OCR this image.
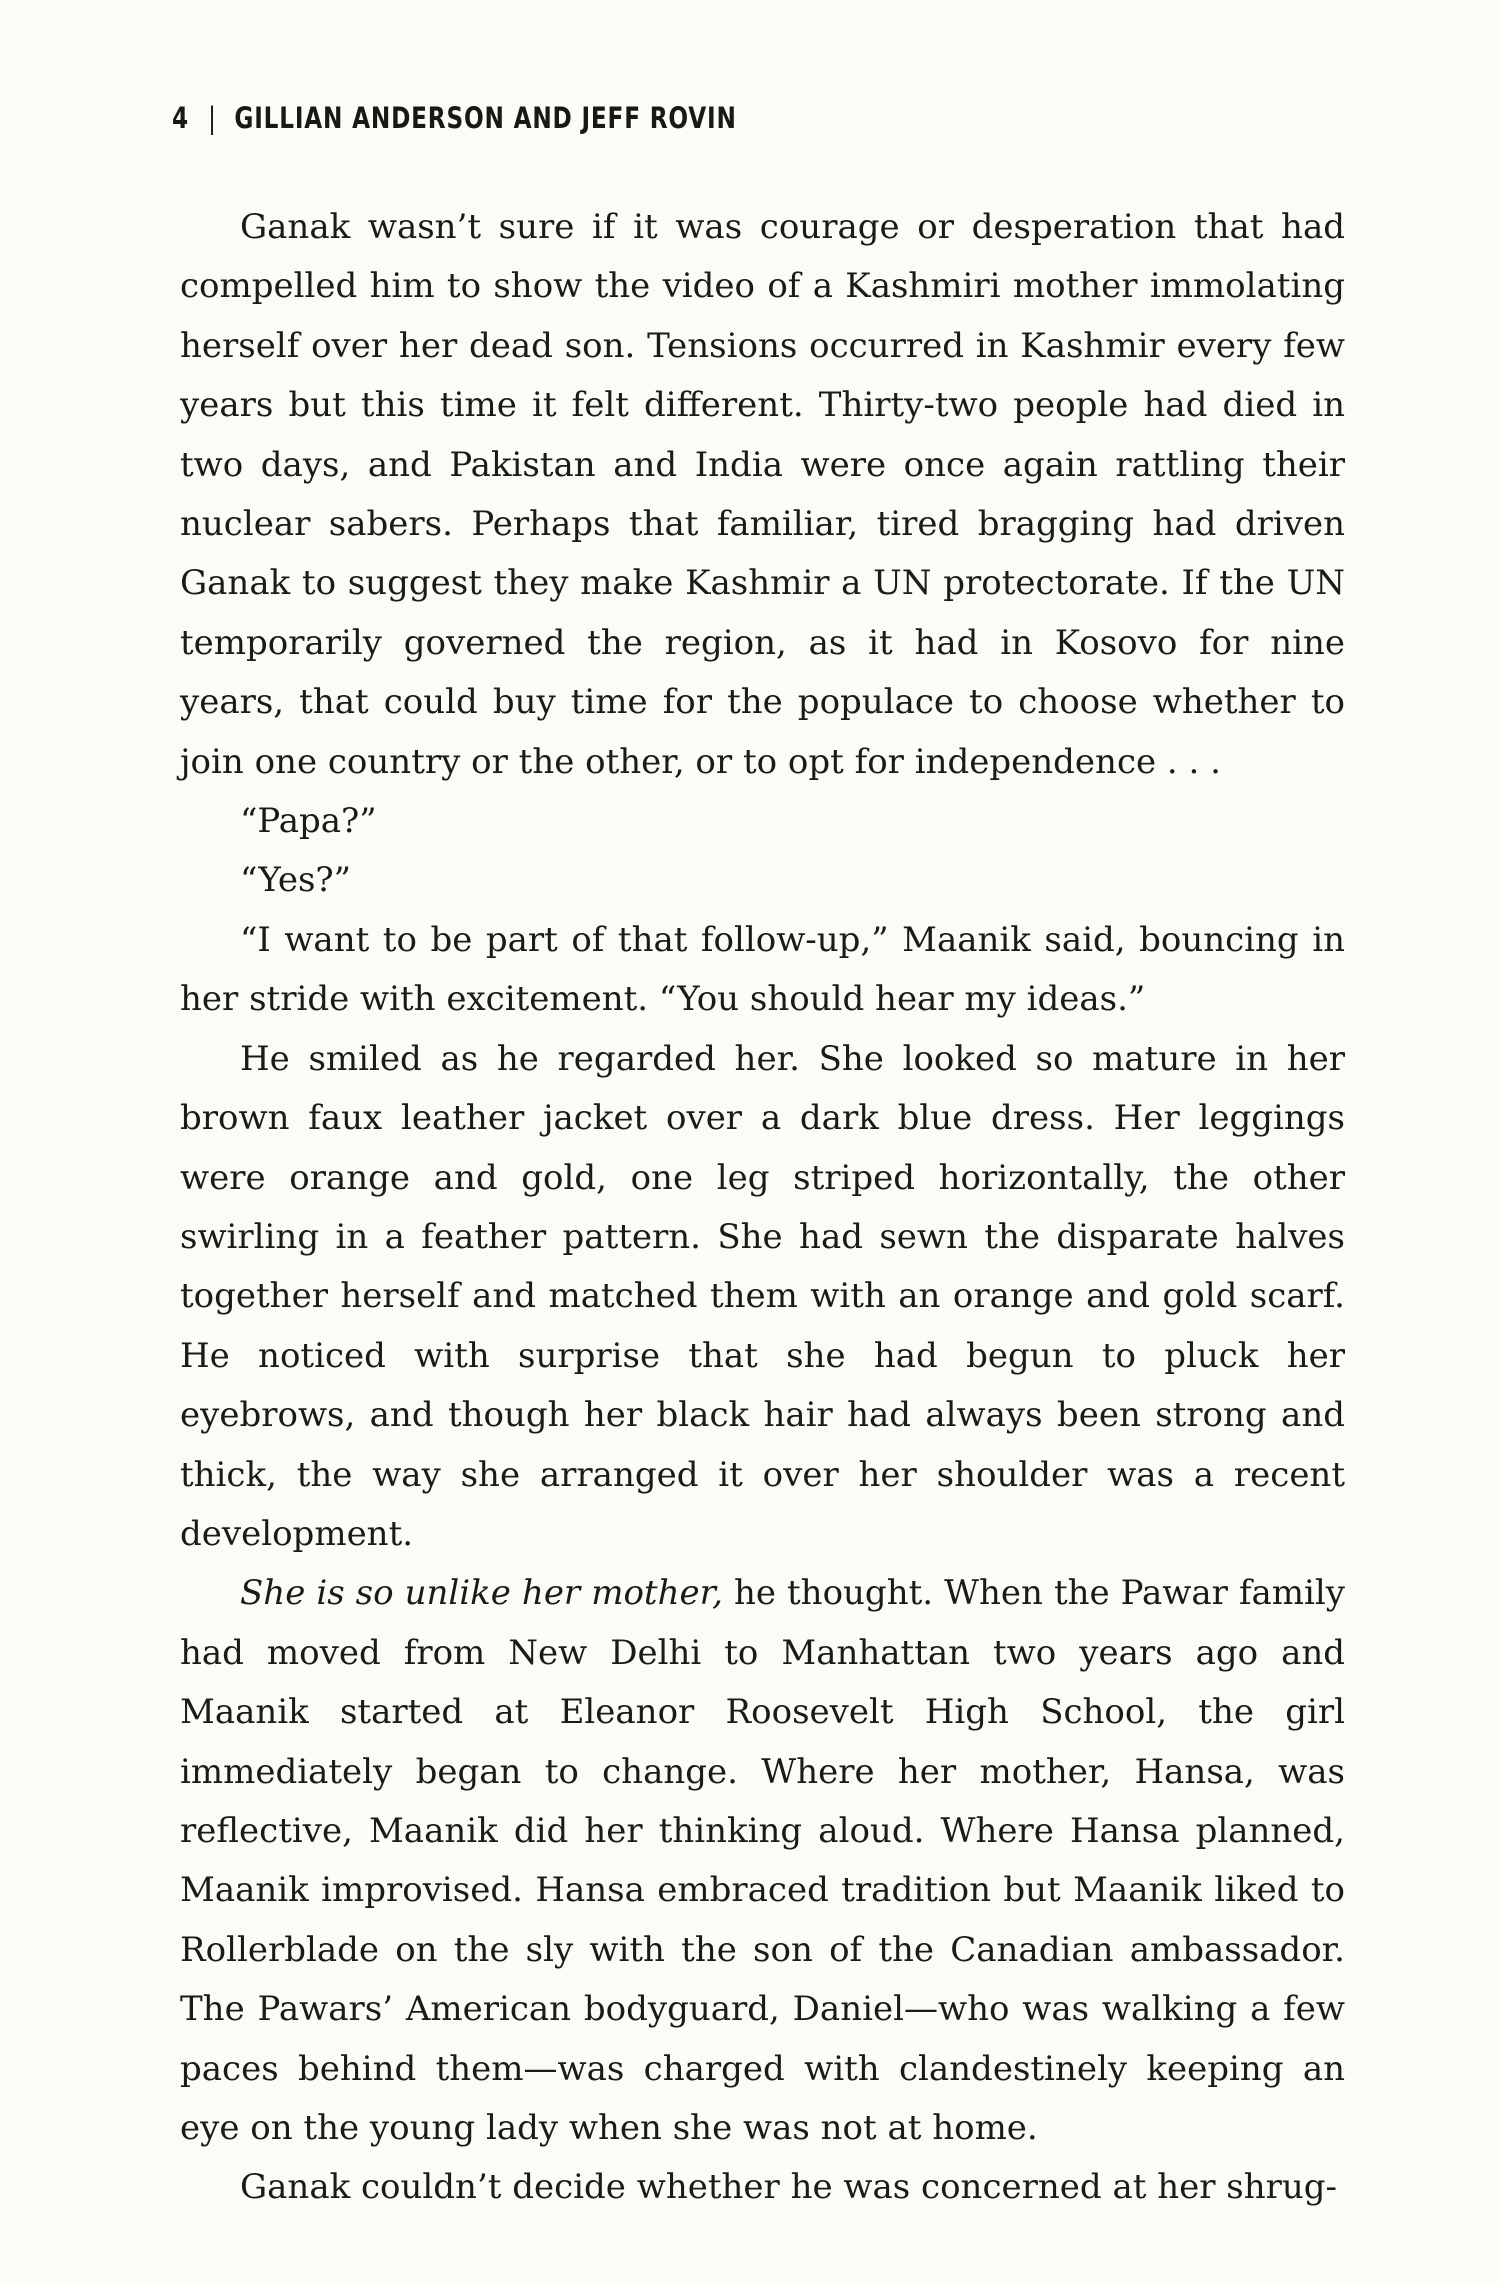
4 | GILLIAN ANDERSON AND JEFF ROVIN

Ganak wasn’t sure if it was courage or desperation that had compelled him to show the video of a Kashmiri mother immolating herself over her dead son. Tensions occurred in Kashmir every few years but this time it felt different. Thirty-two people had died in two days, and Pakistan and India were once again rattling their nuclear sabers. Perhaps that familiar, tired bragging had driven Ganak to suggest they make Kashmir a UN protectorate. If the UN temporarily governed the region, as it had in Kosovo for nine years, that could buy time for the populace to choose whether to join one country or the other, or to opt for independence . . .

“Papa?”

“Yes?”

“I want to be part of that follow-up,” Maanik said, bouncing in her stride with excitement. “You should hear my ideas.”

He smiled as he regarded her. She looked so mature in her brown faux leather jacket over a dark blue dress. Her leggings were orange and gold, one leg striped horizontally, the other swirling in a feather pattern. She had sewn the disparate halves together herself and matched them with an orange and gold scarf. He noticed with surprise that she had begun to pluck her eyebrows, and though her black hair had always been strong and thick, the way she arranged it over her shoulder was a recent development.

She is so unlike her mother, he thought. When the Pawar family had moved from New Delhi to Manhattan two years ago and Maanik started at Eleanor Roosevelt High School, the girl immediately began to change. Where her mother, Hansa, was reflective, Maanik did her thinking aloud. Where Hansa planned, Maanik improvised. Hansa embraced tradition but Maanik liked to Rollerblade on the sly with the son of the Canadian ambassador. The Pawars’ American bodyguard, Daniel—who was walking a few paces behind them—was charged with clandestinely keeping an eye on the young lady when she was not at home.

Ganak couldn’t decide whether he was concerned at her shrug-
